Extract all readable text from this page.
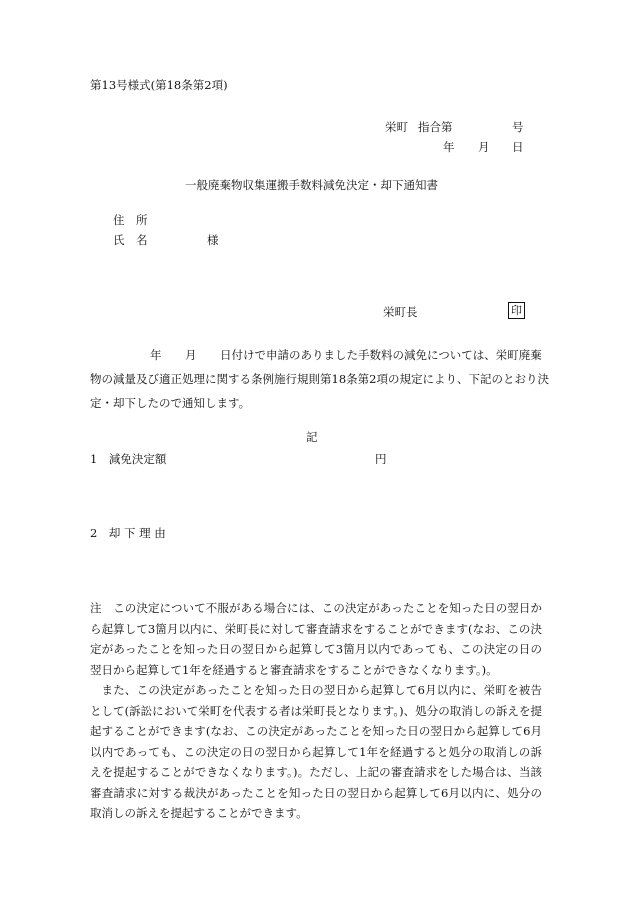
第13号様式(第18条第2項)
栄町 指合第	号
年 月 日
一般廃棄物収集運搬手数料減免決定・却下通知書
住　所
氏　名	様
栄町長	印
年 月 日付けで申請のありました手数料の減免については、栄町廃棄
物の減量及び適正処理に関する条例施行規則第18条第2項の規定により、下記のとおり決
定・却下したので通知します。
記
1　減免決定額	円
2　却 下 理 由
注　この決定について不服がある場合には、この決定があったことを知った日の翌日から起算して3箇月以内に、栄町長に対して審査請求をすることができます(なお、この決定があったことを知った日の翌日から起算して3箇月以内であっても、この決定の日の翌日から起算して1年を経過すると審査請求をすることができなくなります。)。
また、この決定があったことを知った日の翌日から起算して6月以内に、栄町を被告として(訴訟において栄町を代表する者は栄町長となります。)、処分の取消しの訴えを提起することができます(なお、この決定があったことを知った日の翌日から起算して6月以内であっても、この決定の日の翌日から起算して1年を経過すると処分の取消しの訴えを提起することができなくなります。)。ただし、上記の審査請求をした場合は、当該審査請求に対する裁決があったことを知った日の翌日から起算して6月以内に、処分の取消しの訴えを提起することができます。
